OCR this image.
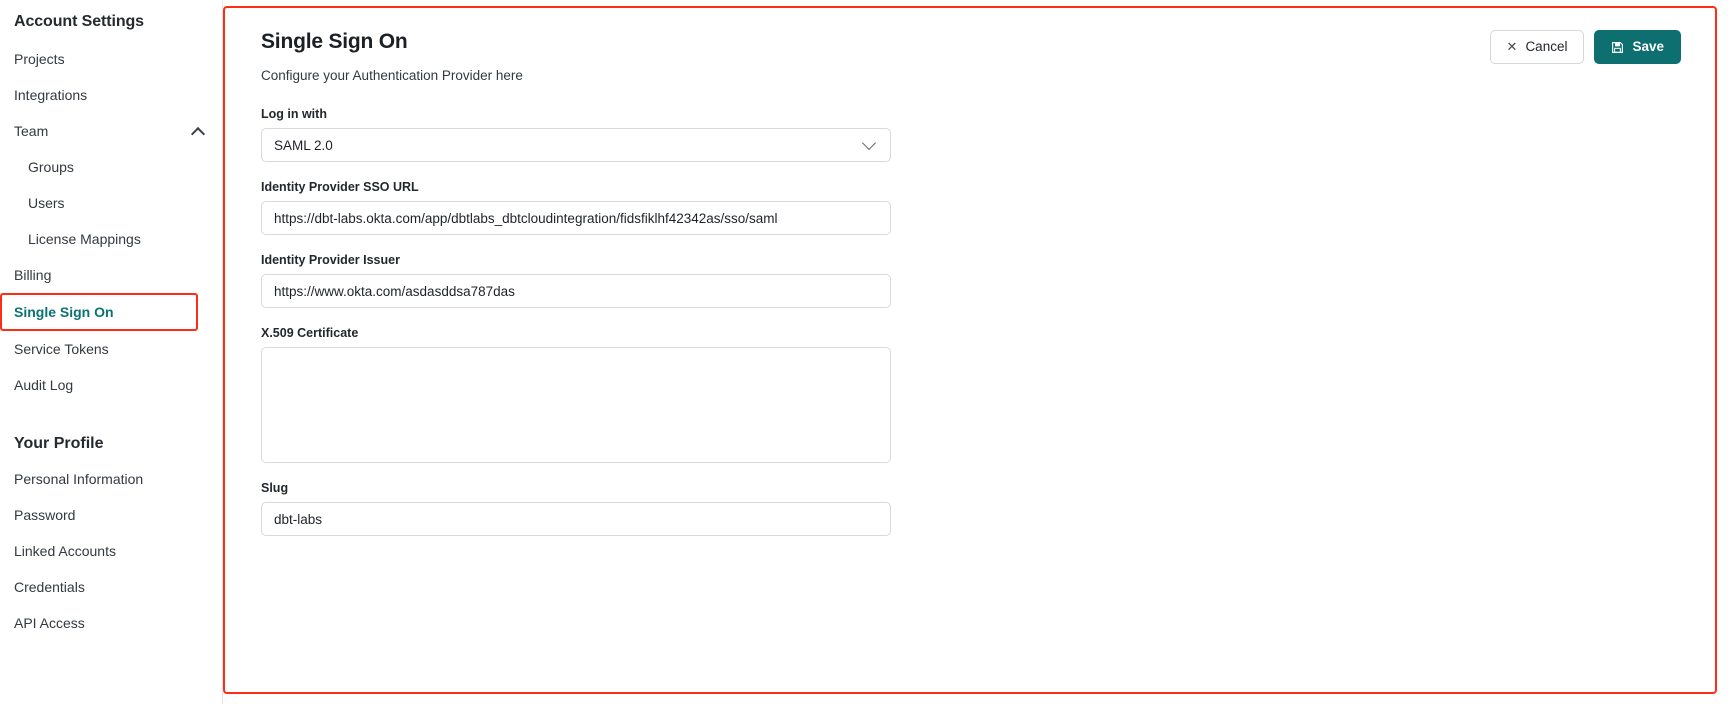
Account Settings
Projects
Integrations
Team
Groups
Users
License Mappings
Billing
Single Sign On
Service Tokens
Audit Log
Your Profile
Personal Information
Password
Linked Accounts
Credentials
API Access
Single Sign On
Configure your Authentication Provider here
✕ Cancel	Save
Log in with
SAML 2.0
Identity Provider SSO URL
https://dbt-labs.okta.com/app/dbtlabs_dbtcloudintegration/fidsfiklhf42342as/sso/saml
Identity Provider Issuer
https://www.okta.com/asdasddsa787das
X.509 Certificate
Slug
dbt-labs
